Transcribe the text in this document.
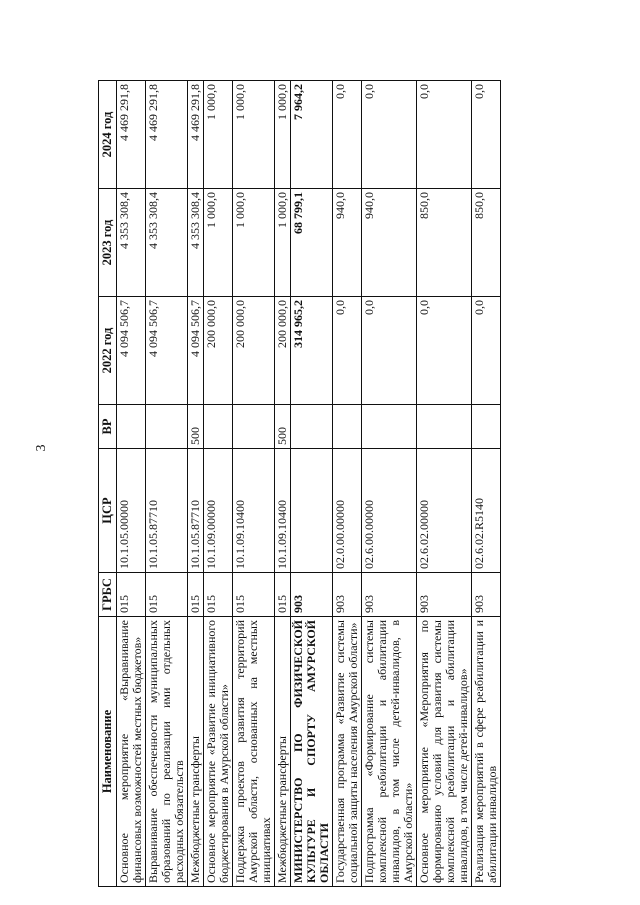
3
Наименование	ГРБС	ЦСР	ВР	2022 год	2023 год	2024 год
Основное мероприятие «Выравнивание финансовых возможностей местных бюджетов»	015	10.1.05.00000		4 094 506,7	4 353 308,4	4 469 291,8
Выравнивание обеспеченности муниципальных образований по реализации ими отдельных расходных обязательств	015	10.1.05.87710		4 094 506,7	4 353 308,4	4 469 291,8
Межбюджетные трансферты	015	10.1.05.87710	500	4 094 506,7	4 353 308,4	4 469 291,8
Основное мероприятие «Развитие инициативного бюджетирования в Амурской области»	015	10.1.09.00000		200 000,0	1 000,0	1 000,0
Поддержка проектов развития территорий Амурской области, основанных на местных инициативах	015	10.1.09.10400		200 000,0	1 000,0	1 000,0
Межбюджетные трансферты	015	10.1.09.10400	500	200 000,0	1 000,0	1 000,0
МИНИСТЕРСТВО ПО ФИЗИЧЕСКОЙ КУЛЬТУРЕ И СПОРТУ АМУРСКОЙ ОБЛАСТИ	903			314 965,2	68 799,1	7 964,2
Государственная программа «Развитие системы социальной защиты населения Амурской области»	903	02.0.00.00000		0,0	940,0	0,0
Подпрограмма «Формирование системы комплексной реабилитации и абилитации инвалидов, в том числе детей-инвалидов, в Амурской области»	903	02.6.00.00000		0,0	940,0	0,0
Основное мероприятие «Мероприятия по формированию условий для развития системы комплексной реабилитации и абилитации инвалидов, в том числе детей-инвалидов»	903	02.6.02.00000		0,0	850,0	0,0
Реализация мероприятий в сфере реабилитации и абилитации инвалидов	903	02.6.02.R5140		0,0	850,0	0,0
